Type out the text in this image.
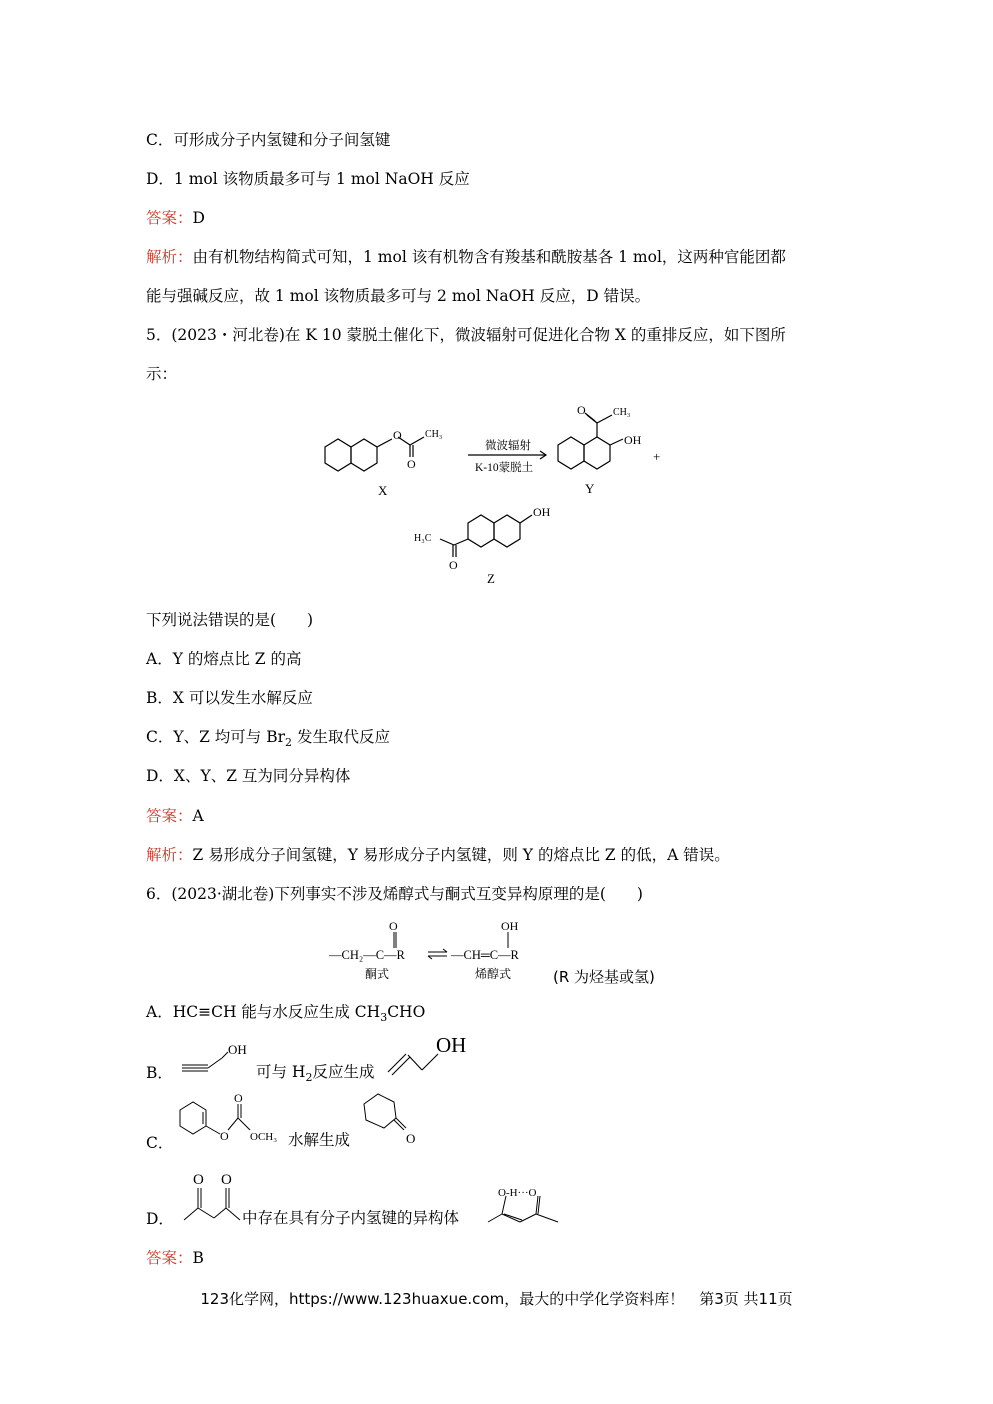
C．可形成分子内氢键和分子间氢键
D．1 mol 该物质最多可与 1 mol NaOH 反应
答案：D
解析：由有机物结构简式可知，1 mol 该有机物含有羧基和酰胺基各 1 mol，这两种官能团都
能与强碱反应，故 1 mol 该物质最多可与 2 mol NaOH 反应，D 错误。
5．(2023・河北卷)在 K 10 蒙脱土催化下，微波辐射可促进化合物 X 的重排反应，如下图所
示：
O CH₃
O
X
微波辐射
K-10蒙脱土
O	CH₃
OH
+
Y
OH
H₃C
O
Z
下列说法错误的是(　　)
A．Y 的熔点比 Z 的高
B．X 可以发生水解反应
C．Y、Z 均可与 $Br_2$ 发生取代反应
D．X、Y、Z 互为同分异构体
答案：A
解析：Z 易形成分子间氢键，Y 易形成分子内氢键，则 Y 的熔点比 Z 的低，A 错误。
6．(2023·湖北卷)下列事实不涉及烯醇式与酮式互变异构原理的是(　　)
O
—CH₂—C—R
OH
—CH═C—R
酮式	烯醇式	(R 为烃基或氢)
A．HC≡CH 能与水反应生成 $CH_3CHO$
B．
OH
可与 $H_2$反应生成
OH
C．
O
O OCH₃ 水解生成	O
D．
O O
中存在具有分子内氢键的异构体
O-H···O
答案：B
123化学网，https://www.123huaxue.com，最大的中学化学资料库！　第3页 共11页
